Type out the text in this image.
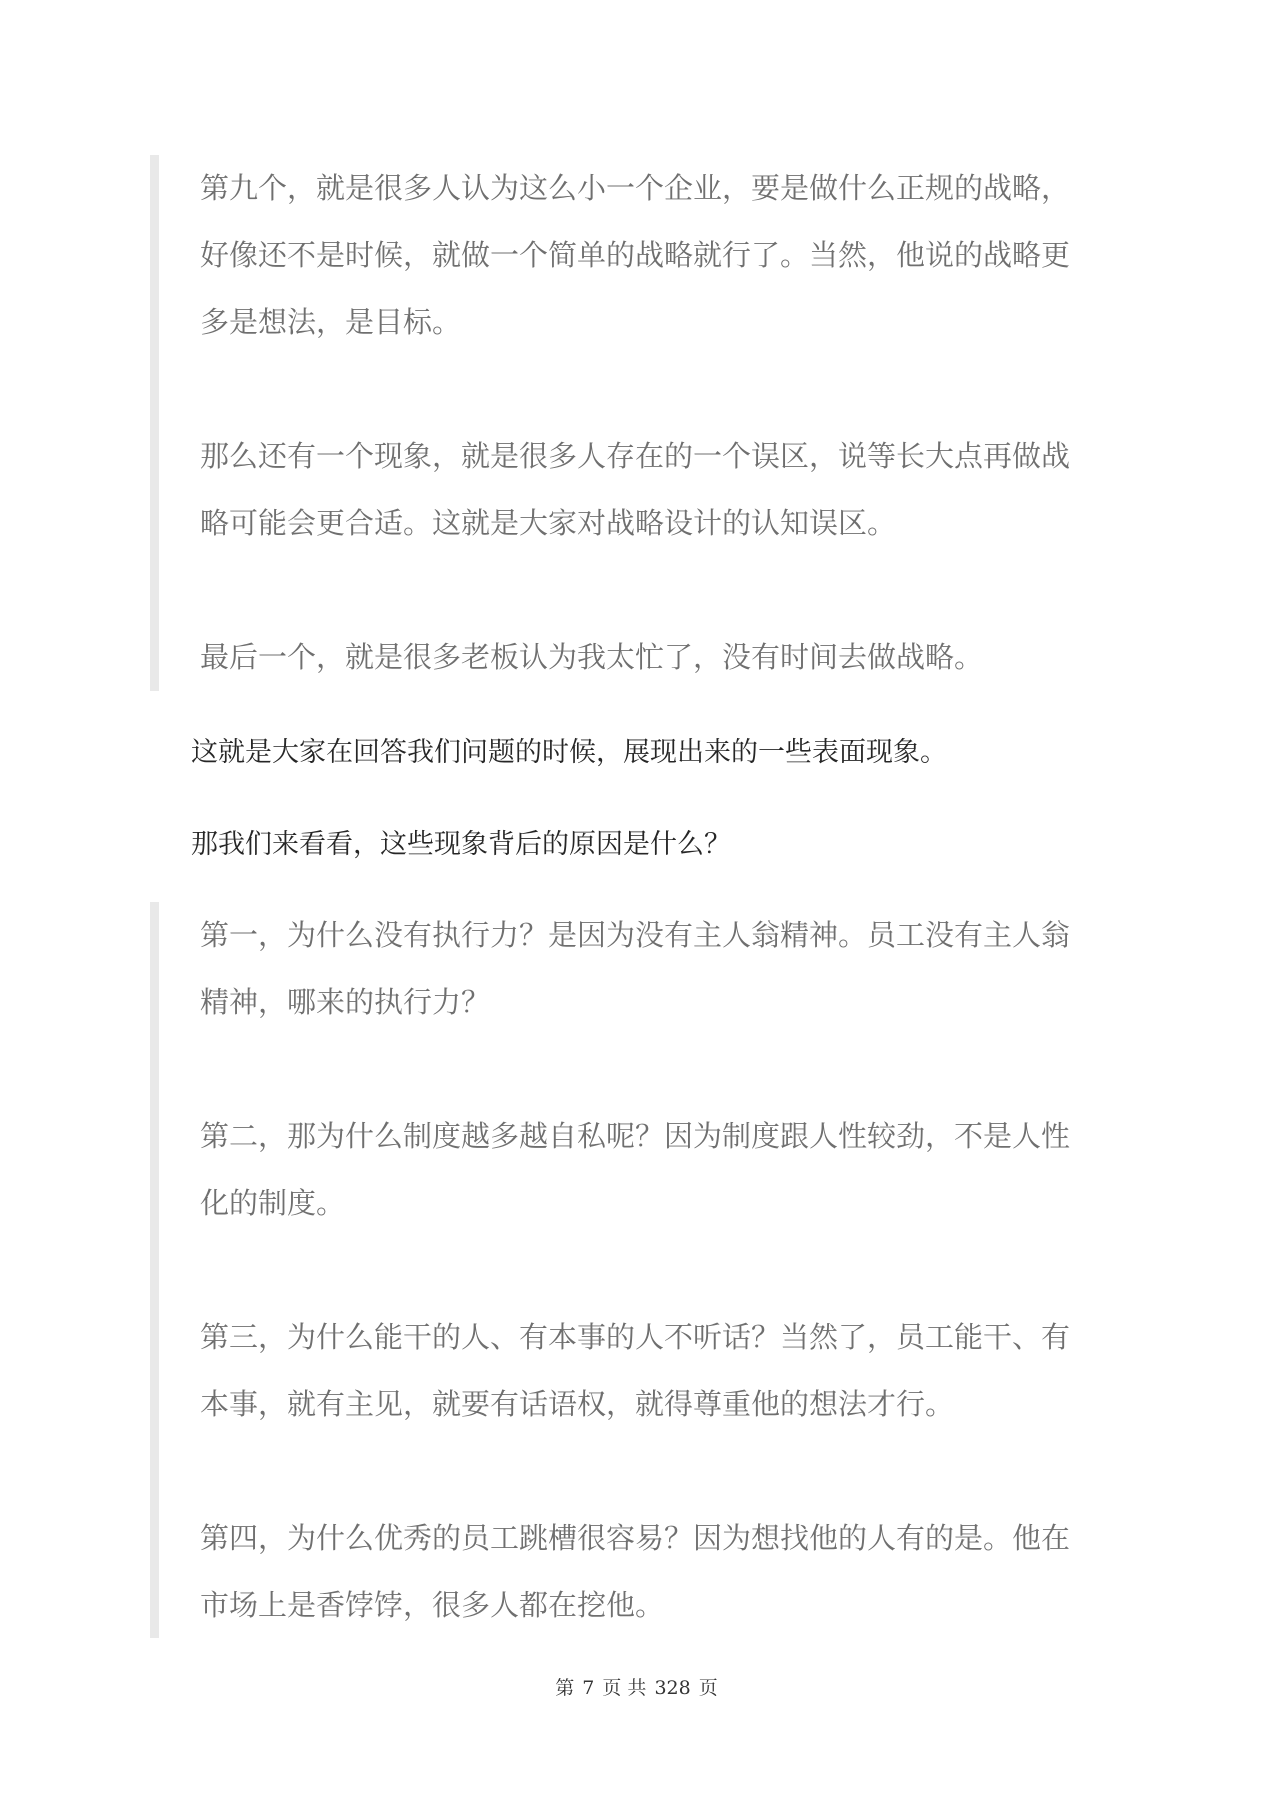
第九个，就是很多人认为这么小一个企业，要是做什么正规的战略，好像还不是时候，就做一个简单的战略就行了。当然，他说的战略更多是想法，是目标。

那么还有一个现象，就是很多人存在的一个误区，说等长大点再做战略可能会更合适。这就是大家对战略设计的认知误区。

最后一个，就是很多老板认为我太忙了，没有时间去做战略。

这就是大家在回答我们问题的时候，展现出来的一些表面现象。

那我们来看看，这些现象背后的原因是什么？

第一，为什么没有执行力？是因为没有主人翁精神。员工没有主人翁精神，哪来的执行力？

第二，那为什么制度越多越自私呢？因为制度跟人性较劲，不是人性化的制度。

第三，为什么能干的人、有本事的人不听话？当然了，员工能干、有本事，就有主见，就要有话语权，就得尊重他的想法才行。

第四，为什么优秀的员工跳槽很容易？因为想找他的人有的是。他在市场上是香饽饽，很多人都在挖他。

第 7 页 共 328 页
